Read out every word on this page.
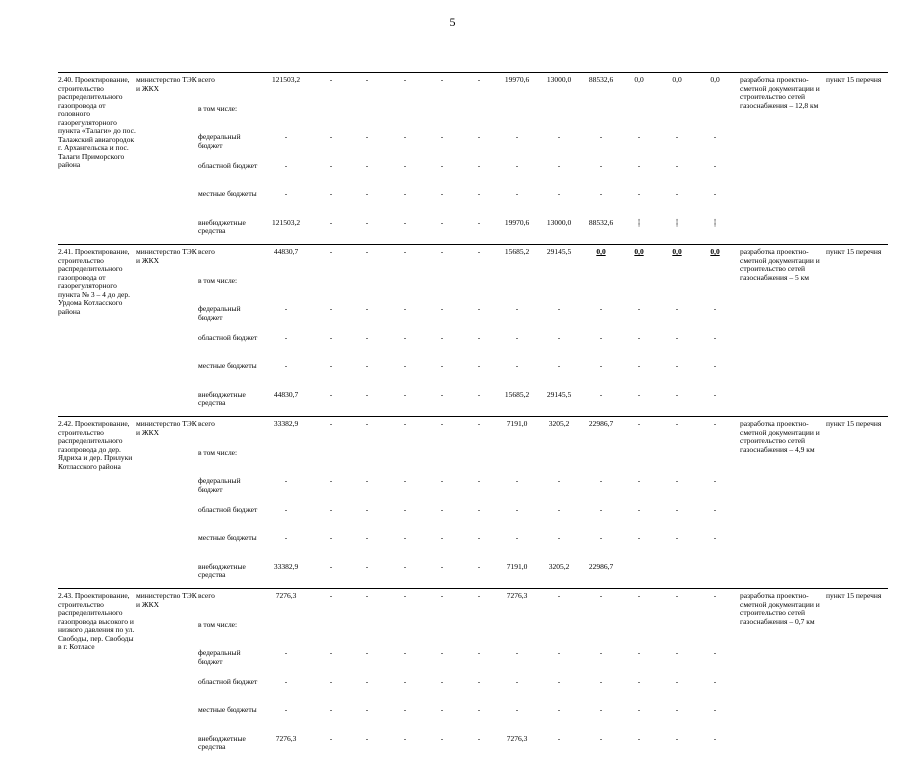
5
2.40. Проектирование, строительство распределительного газопровода от головного газорегуляторного пункта «Талаги» до пос. Талажский авиагородок г. Архангельска и пос. Талаги Приморского района	министерство ТЭК и ЖКХ	всего	121503,2	-	-	-	-	-	19970,6	13000,0	88532,6	0,0	0,0	0,0	разработка проектно-сметной документации и строительство сетей газоснабжения – 12,8 км	пункт 15 перечня
		в том числе:														
		федеральный бюджет	-	-	-	-	-	-	-	-	-	-	-	-		
		областной бюджет	-	-	-	-	-	-	-	-	-	-	-	-		
		местные бюджеты	-	-	-	-	-	-	-	-	-	-	-	-		
		внебюджетные средства	121503,2	-	-	-	-	-	19970,6	13000,0	88532,6	⸽	⸽	⸽		
2.41. Проектирование, строительство распределительного газопровода от газорегуляторного пункта № 3 – 4 до дер. Урдома Котласского района	министерство ТЭК и ЖКХ	всего	44830,7	-	-	-	-	-	15685,2	29145,5	0,0	0,0	0,0	0,0	разработка проектно-сметной документации и строительство сетей газоснабжения – 5 км	пункт 15 перечня
		в том числе:														
		федеральный бюджет	-	-	-	-	-	-	-	-	-	-	-	-		
		областной бюджет	-	-	-	-	-	-	-	-	-	-	-	-		
		местные бюджеты	-	-	-	-	-	-	-	-	-	-	-	-		
		внебюджетные средства	44830,7	-	-	-	-	-	15685,2	29145,5	-	-	-	-		
2.42. Проектирование, строительство распределительного газопровода до дер. Ядриха и дер. Прилуки Котласского района	министерство ТЭК и ЖКХ	всего	33382,9	-	-	-	-	-	7191,0	3205,2	22986,7	-	-	-	разработка проектно-сметной документации и строительство сетей газоснабжения – 4,9 км	пункт 15 перечня
		в том числе:														
		федеральный бюджет	-	-	-	-	-	-	-	-	-	-	-	-		
		областной бюджет	-	-	-	-	-	-	-	-	-	-	-	-		
		местные бюджеты	-	-	-	-	-	-	-	-	-	-	-	-		
		внебюджетные средства	33382,9	-	-	-	-	-	7191,0	3205,2	22986,7					
2.43. Проектирование, строительство распределительного газопровода высокого и низкого давления по ул. Свободы, пер. Свободы в г. Котласе	министерство ТЭК и ЖКХ	всего	7276,3	-	-	-	-	-	7276,3	-	-	-	-	-	разработка проектно-сметной документации и строительство сетей газоснабжения – 0,7 км	пункт 15 перечня
		в том числе:														
		федеральный бюджет	-	-	-	-	-	-	-	-	-	-	-	-		
		областной бюджет	-	-	-	-	-	-	-	-	-	-	-	-		
		местные бюджеты	-	-	-	-	-	-	-	-	-	-	-	-		
		внебюджетные средства	7276,3	-	-	-	-	-	7276,3	-	-	-	-	-		
